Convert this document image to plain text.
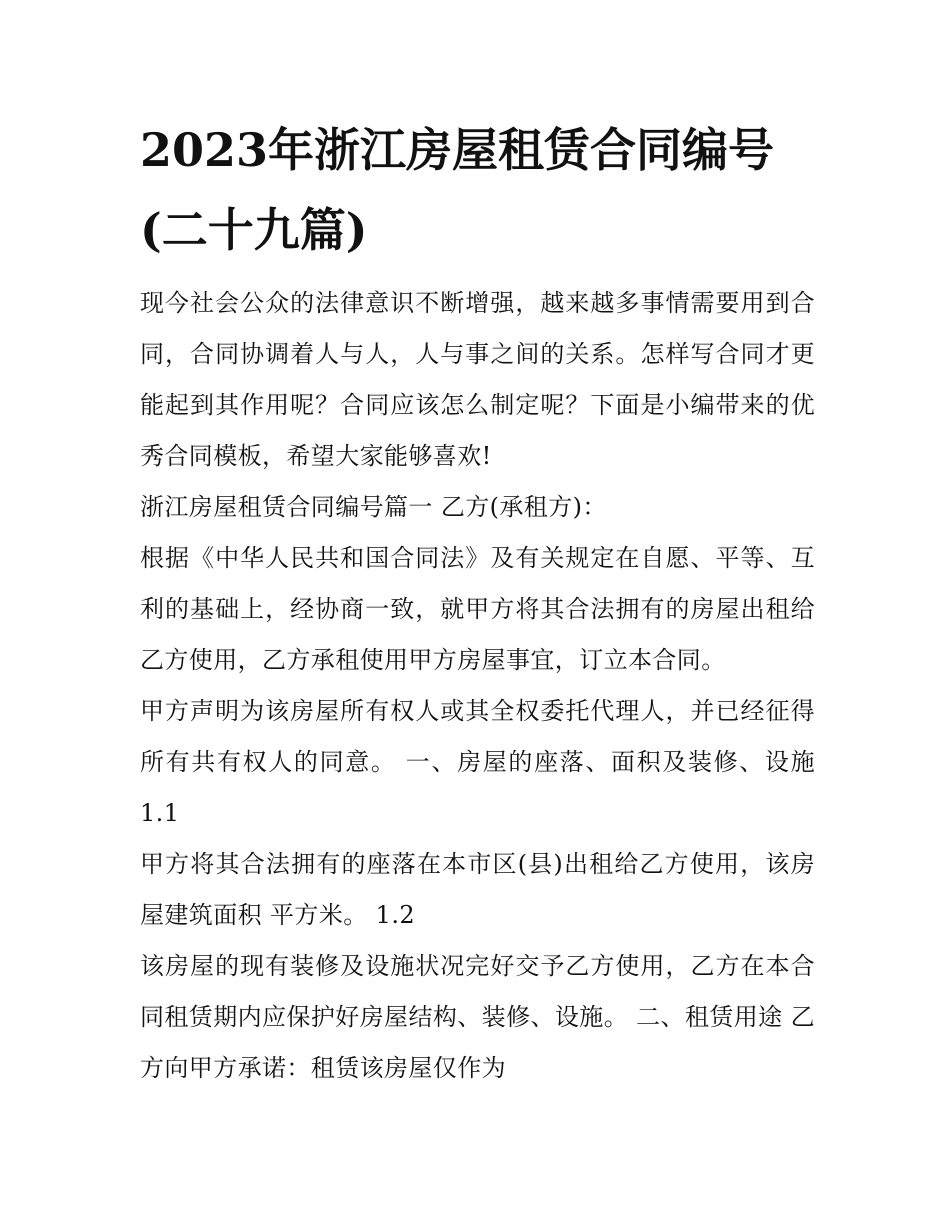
2023年浙江房屋租赁合同编号(二十九篇)

现今社会公众的法律意识不断增强，越来越多事情需要用到合同，合同协调着人与人，人与事之间的关系。怎样写合同才更能起到其作用呢？合同应该怎么制定呢？下面是小编带来的优秀合同模板，希望大家能够喜欢!

浙江房屋租赁合同编号篇一 乙方(承租方)：

根据《中华人民共和国合同法》及有关规定在自愿、平等、互利的基础上，经协商一致，就甲方将其合法拥有的房屋出租给乙方使用，乙方承租使用甲方房屋事宜，订立本合同。

甲方声明为该房屋所有权人或其全权委托代理人，并已经征得所有共有权人的同意。 一、房屋的座落、面积及装修、设施 1.1

甲方将其合法拥有的座落在本市区(县)出租给乙方使用，该房屋建筑面积 平方米。 1.2

该房屋的现有装修及设施状况完好交予乙方使用，乙方在本合同租赁期内应保护好房屋结构、装修、设施。 二、租赁用途 乙方向甲方承诺：租赁该房屋仅作为
